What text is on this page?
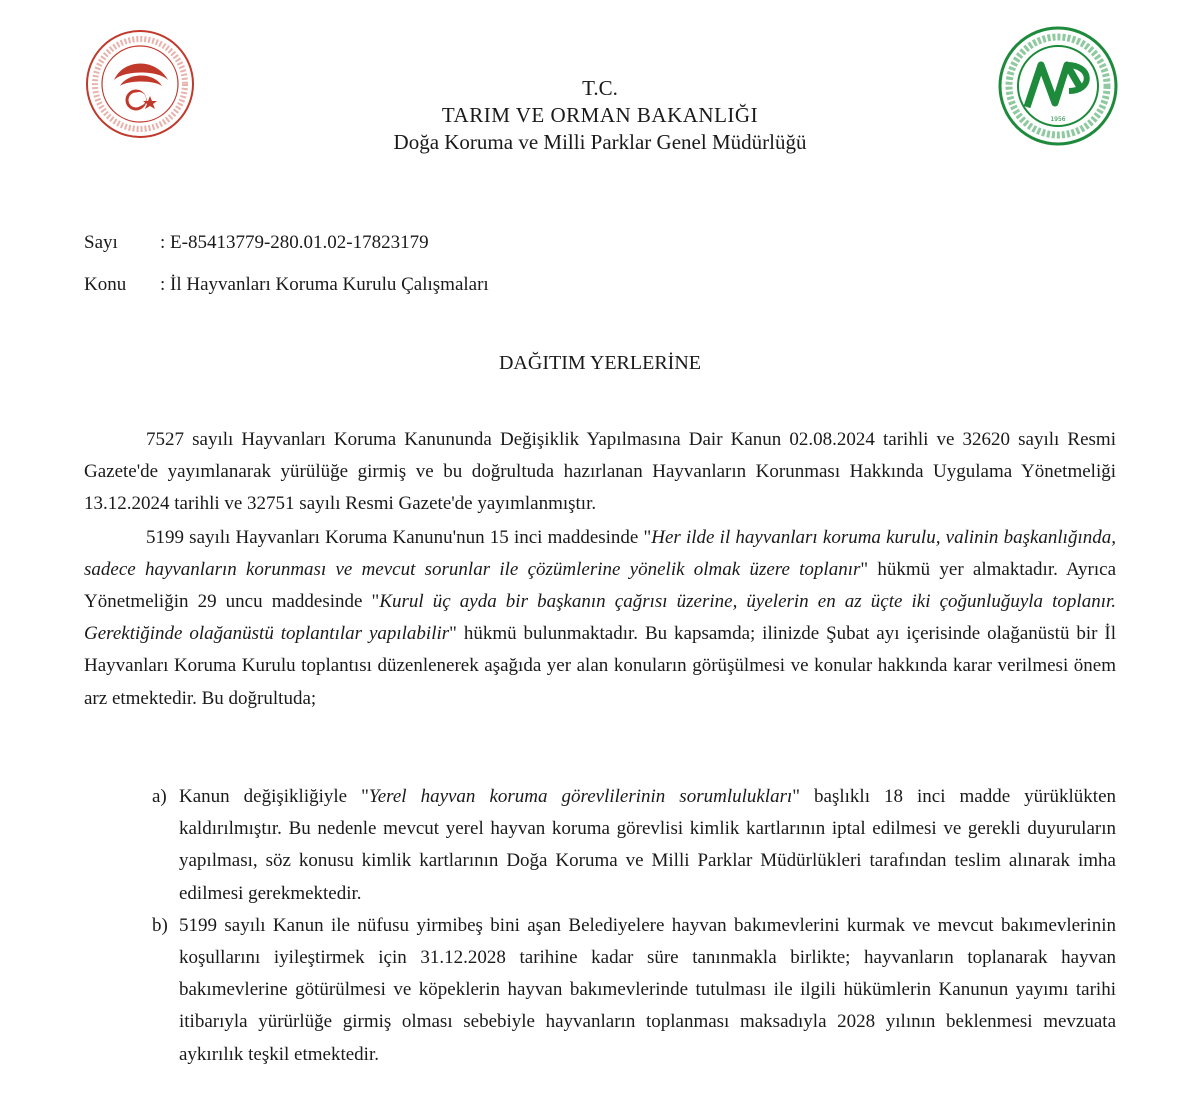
1956
T.C.
TARIM VE ORMAN BAKANLIĞI
Doğa Koruma ve Milli Parklar Genel Müdürlüğü
Sayı : E-85413779-280.01.02-17823179
Konu : İl Hayvanları Koruma Kurulu Çalışmaları
DAĞITIM YERLERİNE

7527 sayılı Hayvanları Koruma Kanununda Değişiklik Yapılmasına Dair Kanun 02.08.2024 tarihli ve 32620 sayılı Resmi Gazete'de yayımlanarak yürülüğe girmiş ve bu doğrultuda hazırlanan Hayvanların Korunması Hakkında Uygulama Yönetmeliği 13.12.2024 tarihli ve 32751 sayılı Resmi Gazete'de yayımlanmıştır.

5199 sayılı Hayvanları Koruma Kanunu'nun 15 inci maddesinde "Her ilde il hayvanları koruma kurulu, valinin başkanlığında, sadece hayvanların korunması ve mevcut sorunlar ile çözümlerine yönelik olmak üzere toplanır" hükmü yer almaktadır. Ayrıca Yönetmeliğin 29 uncu maddesinde "Kurul üç ayda bir başkanın çağrısı üzerine, üyelerin en az üçte iki çoğunluğuyla toplanır. Gerektiğinde olağanüstü toplantılar yapılabilir" hükmü bulunmaktadır. Bu kapsamda; ilinizde Şubat ayı içerisinde olağanüstü bir İl Hayvanları Koruma Kurulu toplantısı düzenlenerek aşağıda yer alan konuların görüşülmesi ve konular hakkında karar verilmesi önem arz etmektedir. Bu doğrultuda;

a) Kanun değişikliğiyle "Yerel hayvan koruma görevlilerinin sorumlulukları" başlıklı 18 inci madde yürüklükten kaldırılmıştır. Bu nedenle mevcut yerel hayvan koruma görevlisi kimlik kartlarının iptal edilmesi ve gerekli duyuruların yapılması, söz konusu kimlik kartlarının Doğa Koruma ve Milli Parklar Müdürlükleri tarafından teslim alınarak imha edilmesi gerekmektedir.
b) 5199 sayılı Kanun ile nüfusu yirmibeş bini aşan Belediyelere hayvan bakımevlerini kurmak ve mevcut bakımevlerinin koşullarını iyileştirmek için 31.12.2028 tarihine kadar süre tanınmakla birlikte; hayvanların toplanarak hayvan bakımevlerine götürülmesi ve köpeklerin hayvan bakımevlerinde tutulması ile ilgili hükümlerin Kanunun yayımı tarihi itibarıyla yürürlüğe girmiş olması sebebiyle hayvanların toplanması maksadıyla 2028 yılının beklenmesi mevzuata aykırılık teşkil etmektedir.
